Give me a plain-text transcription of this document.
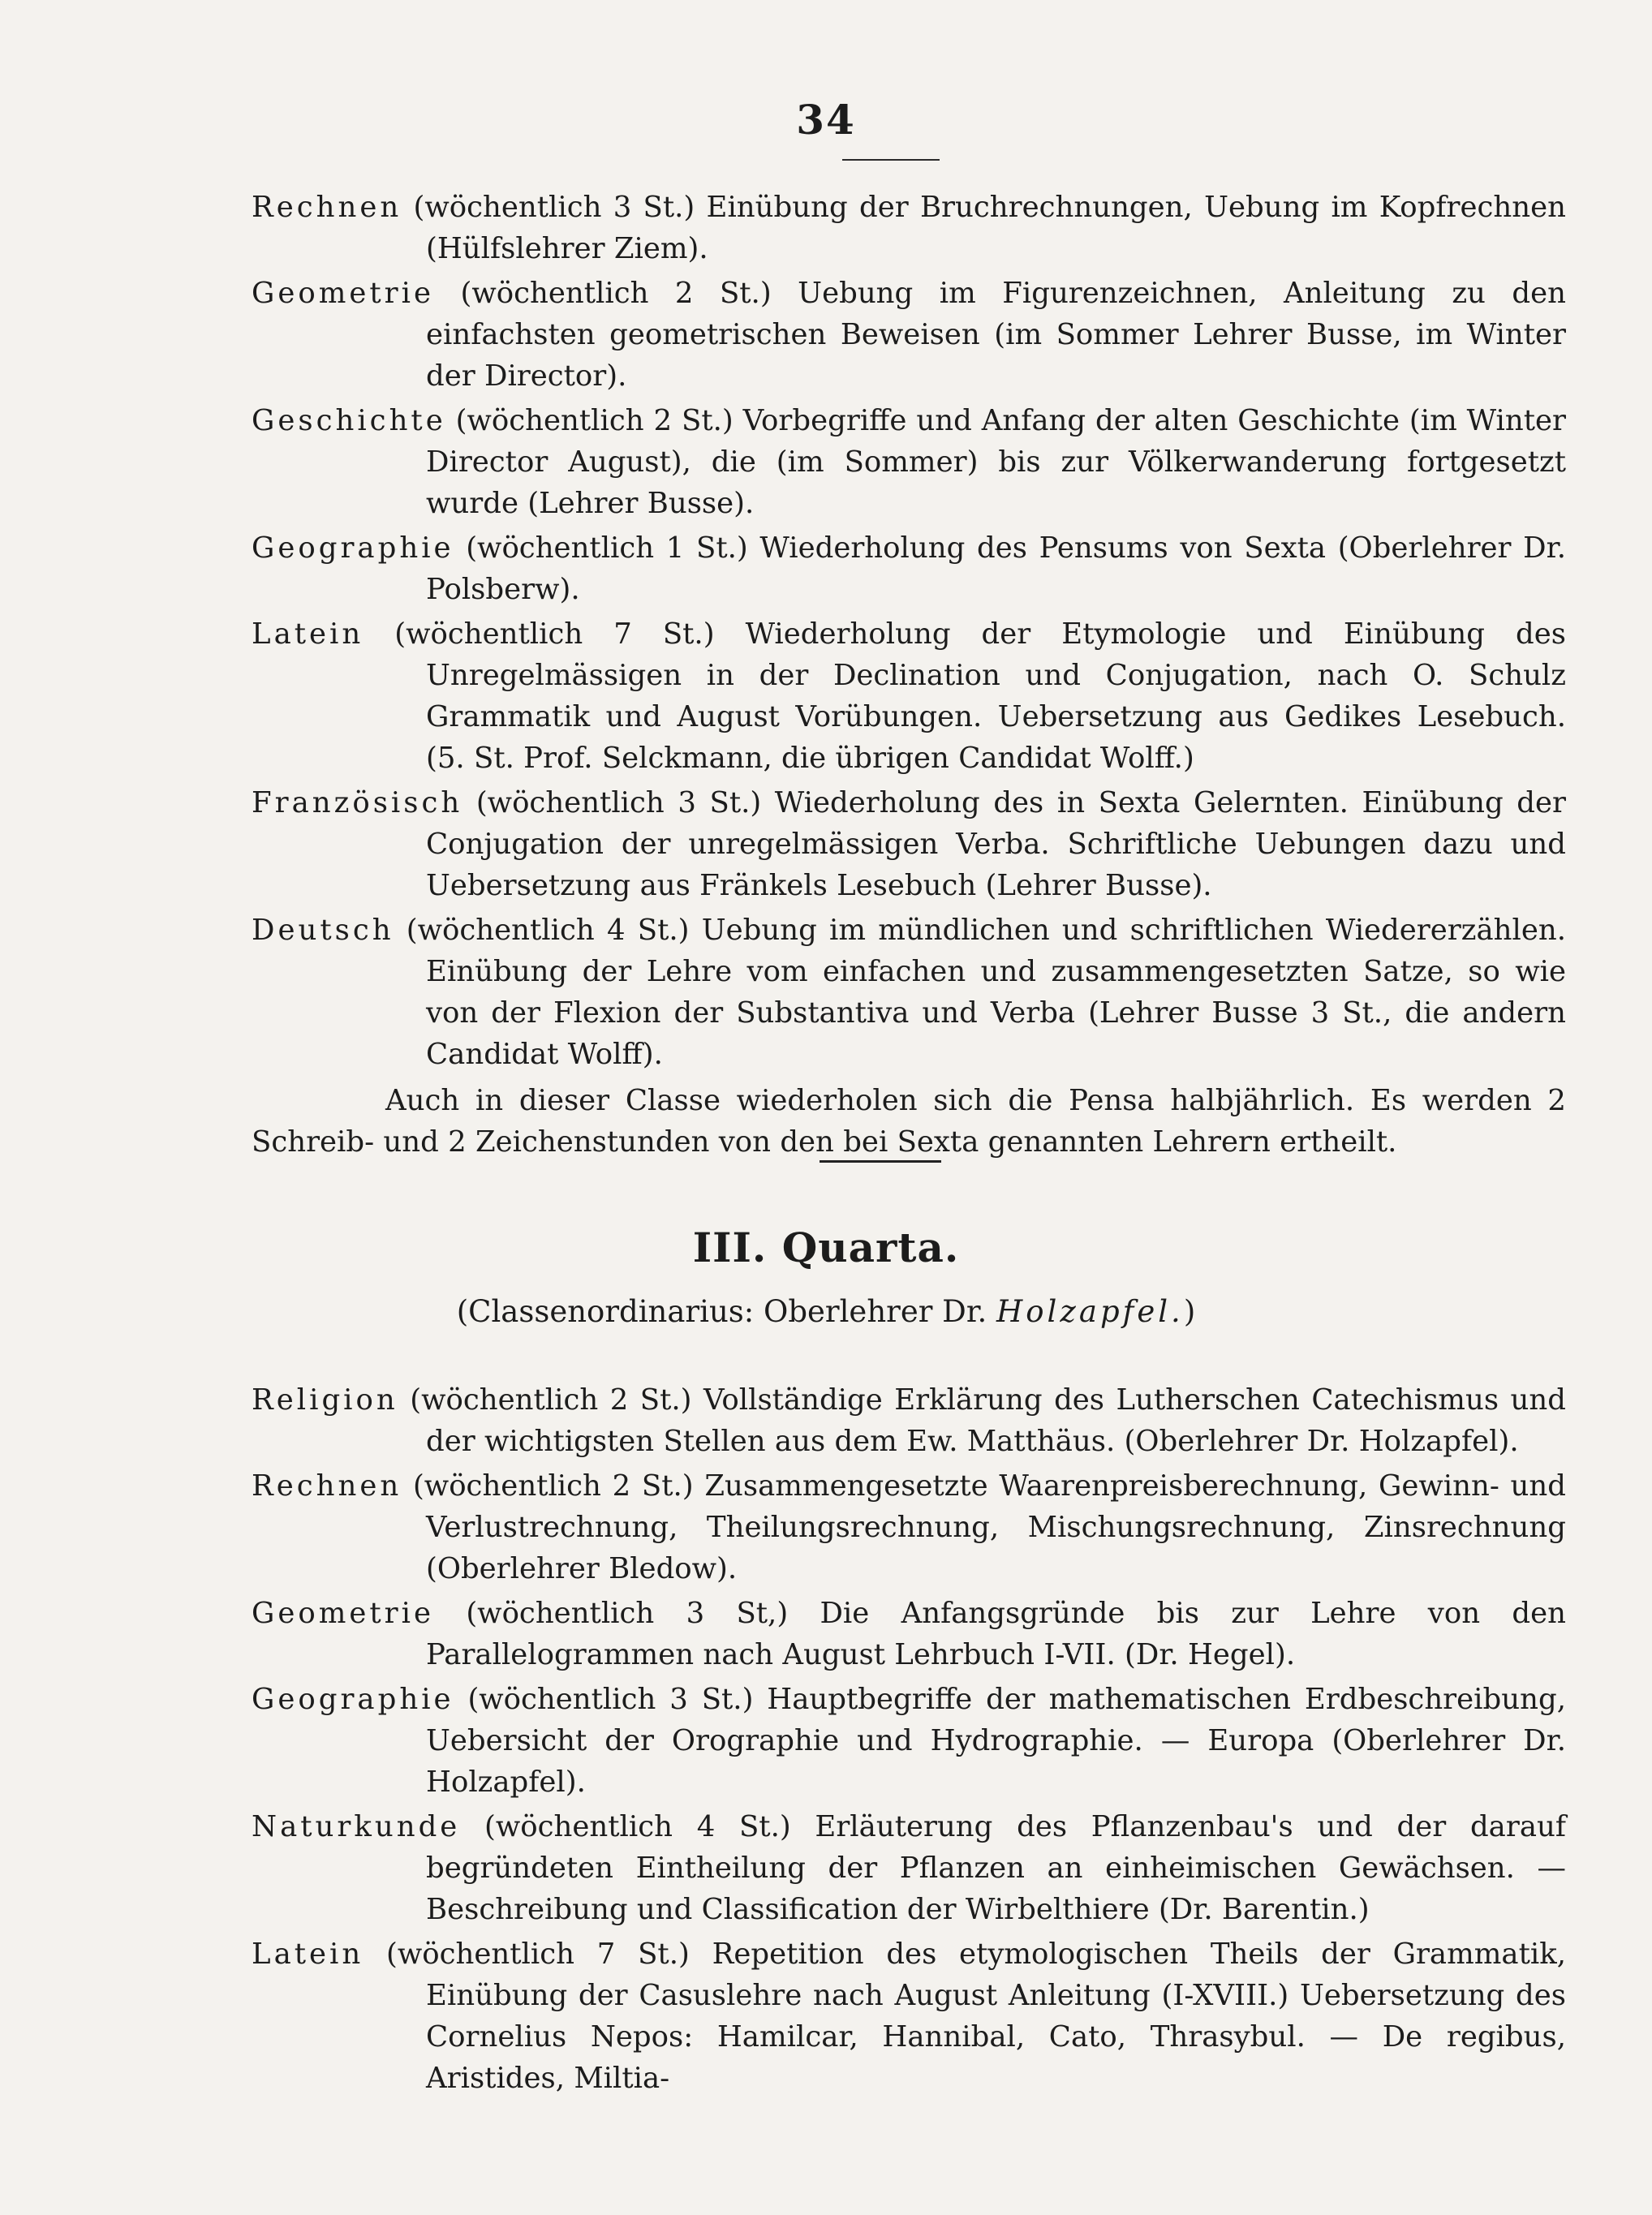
34

Rechnen (wöchentlich 3 St.) Einübung der Bruchrechnungen, Uebung im Kopfrechnen (Hülfslehrer Ziem).

Geometrie (wöchentlich 2 St.) Uebung im Figurenzeichnen, Anleitung zu den einfachsten geometrischen Beweisen (im Sommer Lehrer Busse, im Winter der Director).

Geschichte (wöchentlich 2 St.) Vorbegriffe und Anfang der alten Geschichte (im Winter Director August), die (im Sommer) bis zur Völkerwanderung fortgesetzt wurde (Lehrer Busse).

Geographie (wöchentlich 1 St.) Wiederholung des Pensums von Sexta (Oberlehrer Dr. Polsberw).

Latein (wöchentlich 7 St.) Wiederholung der Etymologie und Einübung des Unregelmässigen in der Declination und Conjugation, nach O. Schulz Grammatik und August Vorübungen. Uebersetzung aus Gedikes Lesebuch. (5. St. Prof. Selckmann, die übrigen Candidat Wolff.)

Französisch (wöchentlich 3 St.) Wiederholung des in Sexta Gelernten. Einübung der Conjugation der unregelmässigen Verba. Schriftliche Uebungen dazu und Uebersetzung aus Fränkels Lesebuch (Lehrer Busse).

Deutsch (wöchentlich 4 St.) Uebung im mündlichen und schriftlichen Wiedererzählen. Einübung der Lehre vom einfachen und zusammengesetzten Satze, so wie von der Flexion der Substantiva und Verba (Lehrer Busse 3 St., die andern Candidat Wolff).

Auch in dieser Classe wiederholen sich die Pensa halbjährlich. Es werden 2 Schreib- und 2 Zeichenstunden von den bei Sexta genannten Lehrern ertheilt.

III. Quarta.
(Classenordinarius: Oberlehrer Dr. Holzapfel.)

Religion (wöchentlich 2 St.) Vollständige Erklärung des Lutherschen Catechismus und der wichtigsten Stellen aus dem Ew. Matthäus. (Oberlehrer Dr. Holzapfel).

Rechnen (wöchentlich 2 St.) Zusammengesetzte Waarenpreisberechnung, Gewinn- und Verlustrechnung, Theilungsrechnung, Mischungsrechnung, Zinsrechnung (Oberlehrer Bledow).

Geometrie (wöchentlich 3 St,) Die Anfangsgründe bis zur Lehre von den Parallelogrammen nach August Lehrbuch I-VII. (Dr. Hegel).

Geographie (wöchentlich 3 St.) Hauptbegriffe der mathematischen Erdbeschreibung, Uebersicht der Orographie und Hydrographie. — Europa (Oberlehrer Dr. Holzapfel).

Naturkunde (wöchentlich 4 St.) Erläuterung des Pflanzenbau's und der darauf begründeten Eintheilung der Pflanzen an einheimischen Gewächsen. — Beschreibung und Classification der Wirbelthiere (Dr. Barentin.)

Latein (wöchentlich 7 St.) Repetition des etymologischen Theils der Grammatik, Einübung der Casuslehre nach August Anleitung (I-XVIII.) Uebersetzung des Cornelius Nepos: Hamilcar, Hannibal, Cato, Thrasybul. — De regibus, Aristides, Miltia-
